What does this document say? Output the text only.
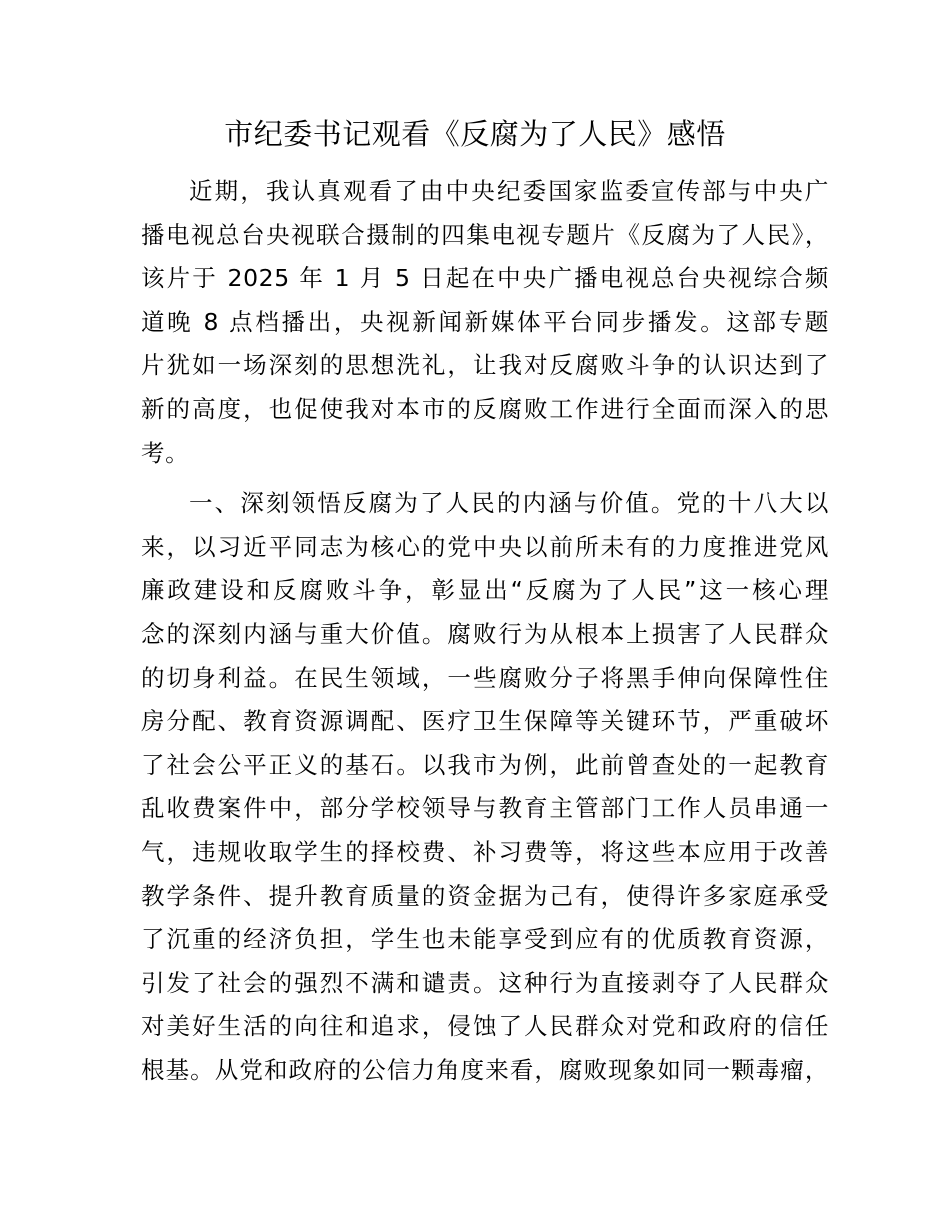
市纪委书记观看《反腐为了人民》感悟
近期，我认真观看了由中央纪委国家监委宣传部与中央广
播电视总台央视联合摄制的四集电视专题片《反腐为了人民》，
该片于 2025 年 1 月 5 日起在中央广播电视总台央视综合频
道晚 8 点档播出，央视新闻新媒体平台同步播发。这部专题
片犹如一场深刻的思想洗礼，让我对反腐败斗争的认识达到了
新的高度，也促使我对本市的反腐败工作进行全面而深入的思
考。
一、深刻领悟反腐为了人民的内涵与价值。党的十八大以
来，以习近平同志为核心的党中央以前所未有的力度推进党风
廉政建设和反腐败斗争，彰显出“反腐为了人民”这一核心理
念的深刻内涵与重大价值。腐败行为从根本上损害了人民群众
的切身利益。在民生领域，一些腐败分子将黑手伸向保障性住
房分配、教育资源调配、医疗卫生保障等关键环节，严重破坏
了社会公平正义的基石。以我市为例，此前曾查处的一起教育
乱收费案件中，部分学校领导与教育主管部门工作人员串通一
气，违规收取学生的择校费、补习费等，将这些本应用于改善
教学条件、提升教育质量的资金据为己有，使得许多家庭承受
了沉重的经济负担，学生也未能享受到应有的优质教育资源，
引发了社会的强烈不满和谴责。这种行为直接剥夺了人民群众
对美好生活的向往和追求，侵蚀了人民群众对党和政府的信任
根基。从党和政府的公信力角度来看，腐败现象如同一颗毒瘤，
